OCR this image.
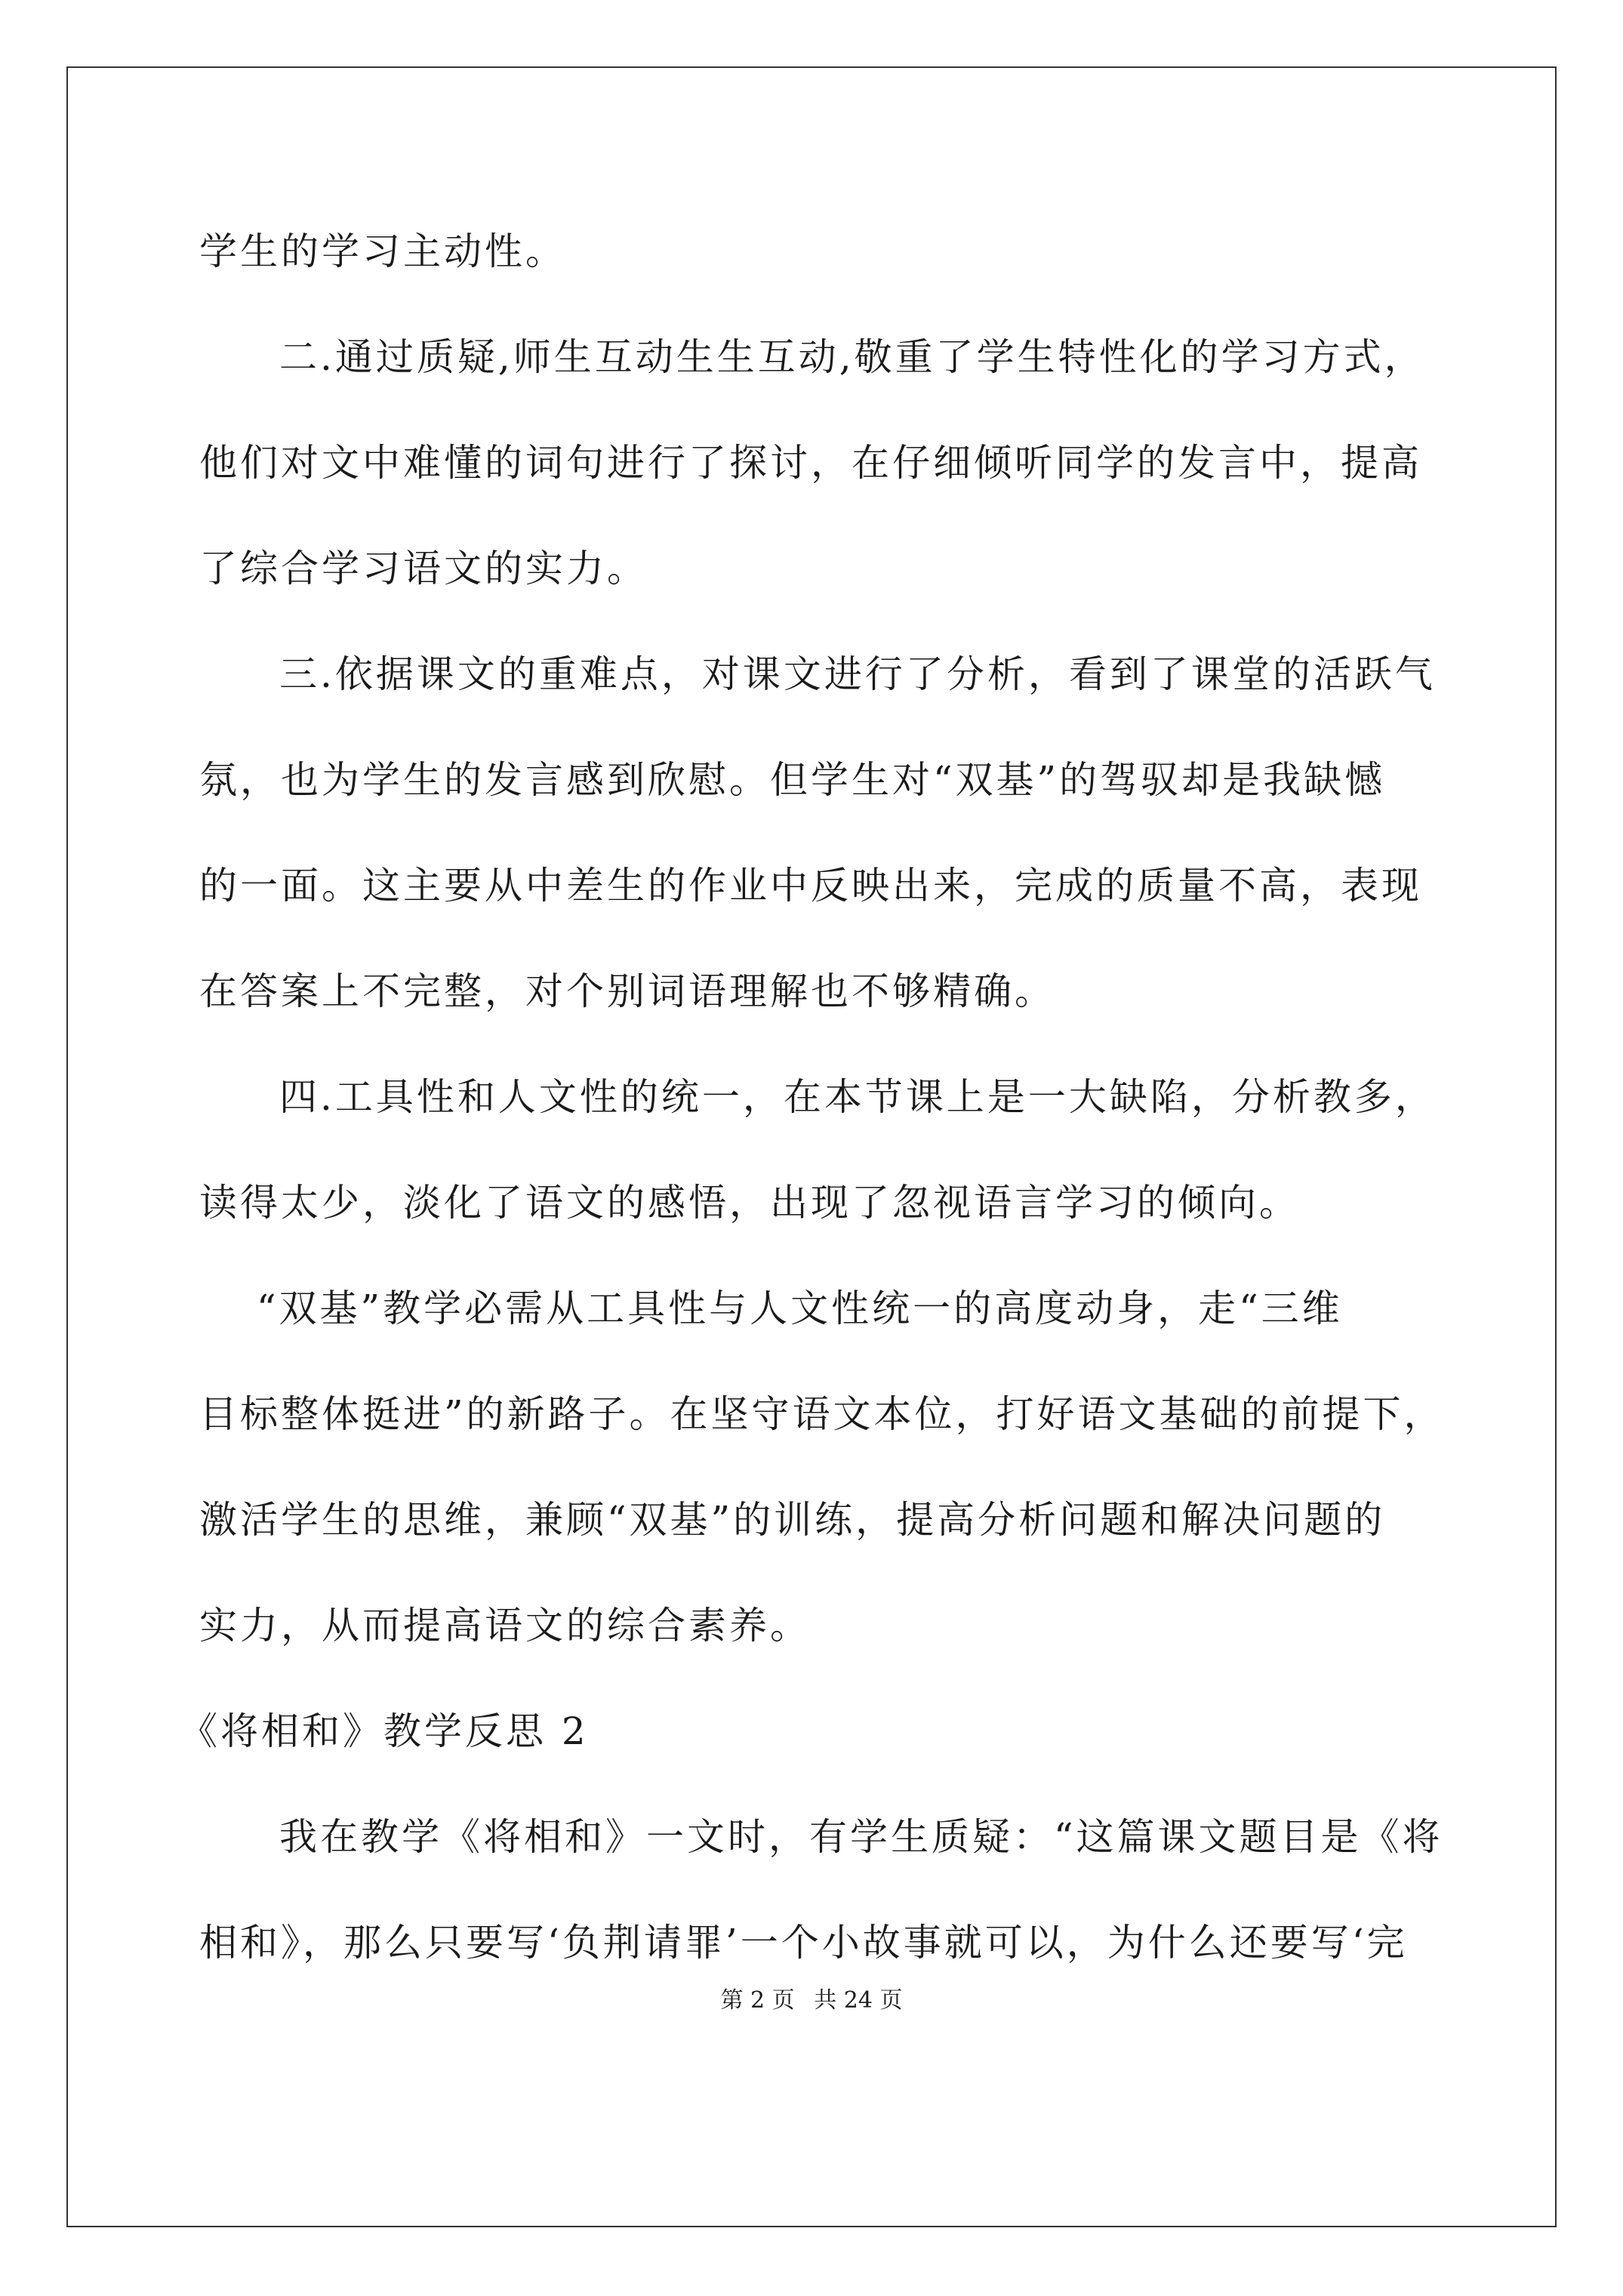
学生的学习主动性。
二.通过质疑,师生互动生生互动,敬重了学生特性化的学习方式，
他们对文中难懂的词句进行了探讨，在仔细倾听同学的发言中，提高
了综合学习语文的实力。
三.依据课文的重难点，对课文进行了分析，看到了课堂的活跃气
氛，也为学生的发言感到欣慰。但学生对“双基”的驾驭却是我缺憾
的一面。这主要从中差生的作业中反映出来，完成的质量不高，表现
在答案上不完整，对个别词语理解也不够精确。
四.工具性和人文性的统一，在本节课上是一大缺陷，分析教多，
读得太少，淡化了语文的感悟，出现了忽视语言学习的倾向。
“双基”教学必需从工具性与人文性统一的高度动身，走“三维
目标整体挺进”的新路子。在坚守语文本位，打好语文基础的前提下，
激活学生的思维，兼顾“双基”的训练，提高分析问题和解决问题的
实力，从而提高语文的综合素养。
《将相和》教学反思 2
我在教学《将相和》一文时，有学生质疑：“这篇课文题目是《将
相和》，那么只要写‘负荆请罪’一个小故事就可以，为什么还要写‘完
第 2 页 共 24 页
